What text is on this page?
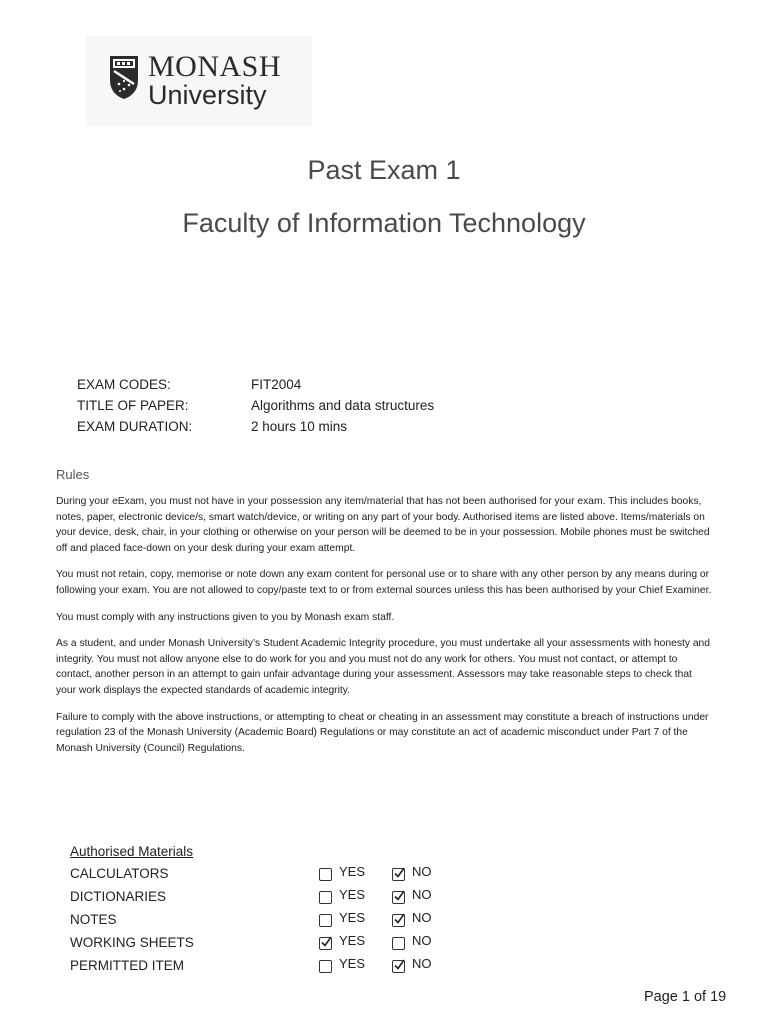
MONASH
University
Past Exam 1
Faculty of Information Technology
EXAM CODES:	FIT2004
TITLE OF PAPER:	Algorithms and data structures
EXAM DURATION:	2 hours 10 mins
Rules

During your eExam, you must not have in your possession any item/material that has not been authorised for your exam. This includes books, notes, paper, electronic device/s, smart watch/device, or writing on any part of your body. Authorised items are listed above. Items/materials on your device, desk, chair, in your clothing or otherwise on your person will be deemed to be in your possession. Mobile phones must be switched off and placed face-down on your desk during your exam attempt.

You must not retain, copy, memorise or note down any exam content for personal use or to share with any other person by any means during or following your exam. You are not allowed to copy/paste text to or from external sources unless this has been authorised by your Chief Examiner.

You must comply with any instructions given to you by Monash exam staff.

As a student, and under Monash University’s Student Academic Integrity procedure, you must undertake all your assessments with honesty and integrity. You must not allow anyone else to do work for you and you must not do any work for others. You must not contact, or attempt to contact, another person in an attempt to gain unfair advantage during your assessment. Assessors may take reasonable steps to check that your work displays the expected standards of academic integrity.

Failure to comply with the above instructions, or attempting to cheat or cheating in an assessment may constitute a breach of instructions under regulation 23 of the Monash University (Academic Board) Regulations or may constitute an act of academic misconduct under Part 7 of the Monash University (Council) Regulations.

Authorised Materials
CALCULATORS	YES	NO
DICTIONARIES	YES	NO
NOTES	YES	NO
WORKING SHEETS	YES	NO
PERMITTED ITEM	YES	NO
Page 1 of 19
